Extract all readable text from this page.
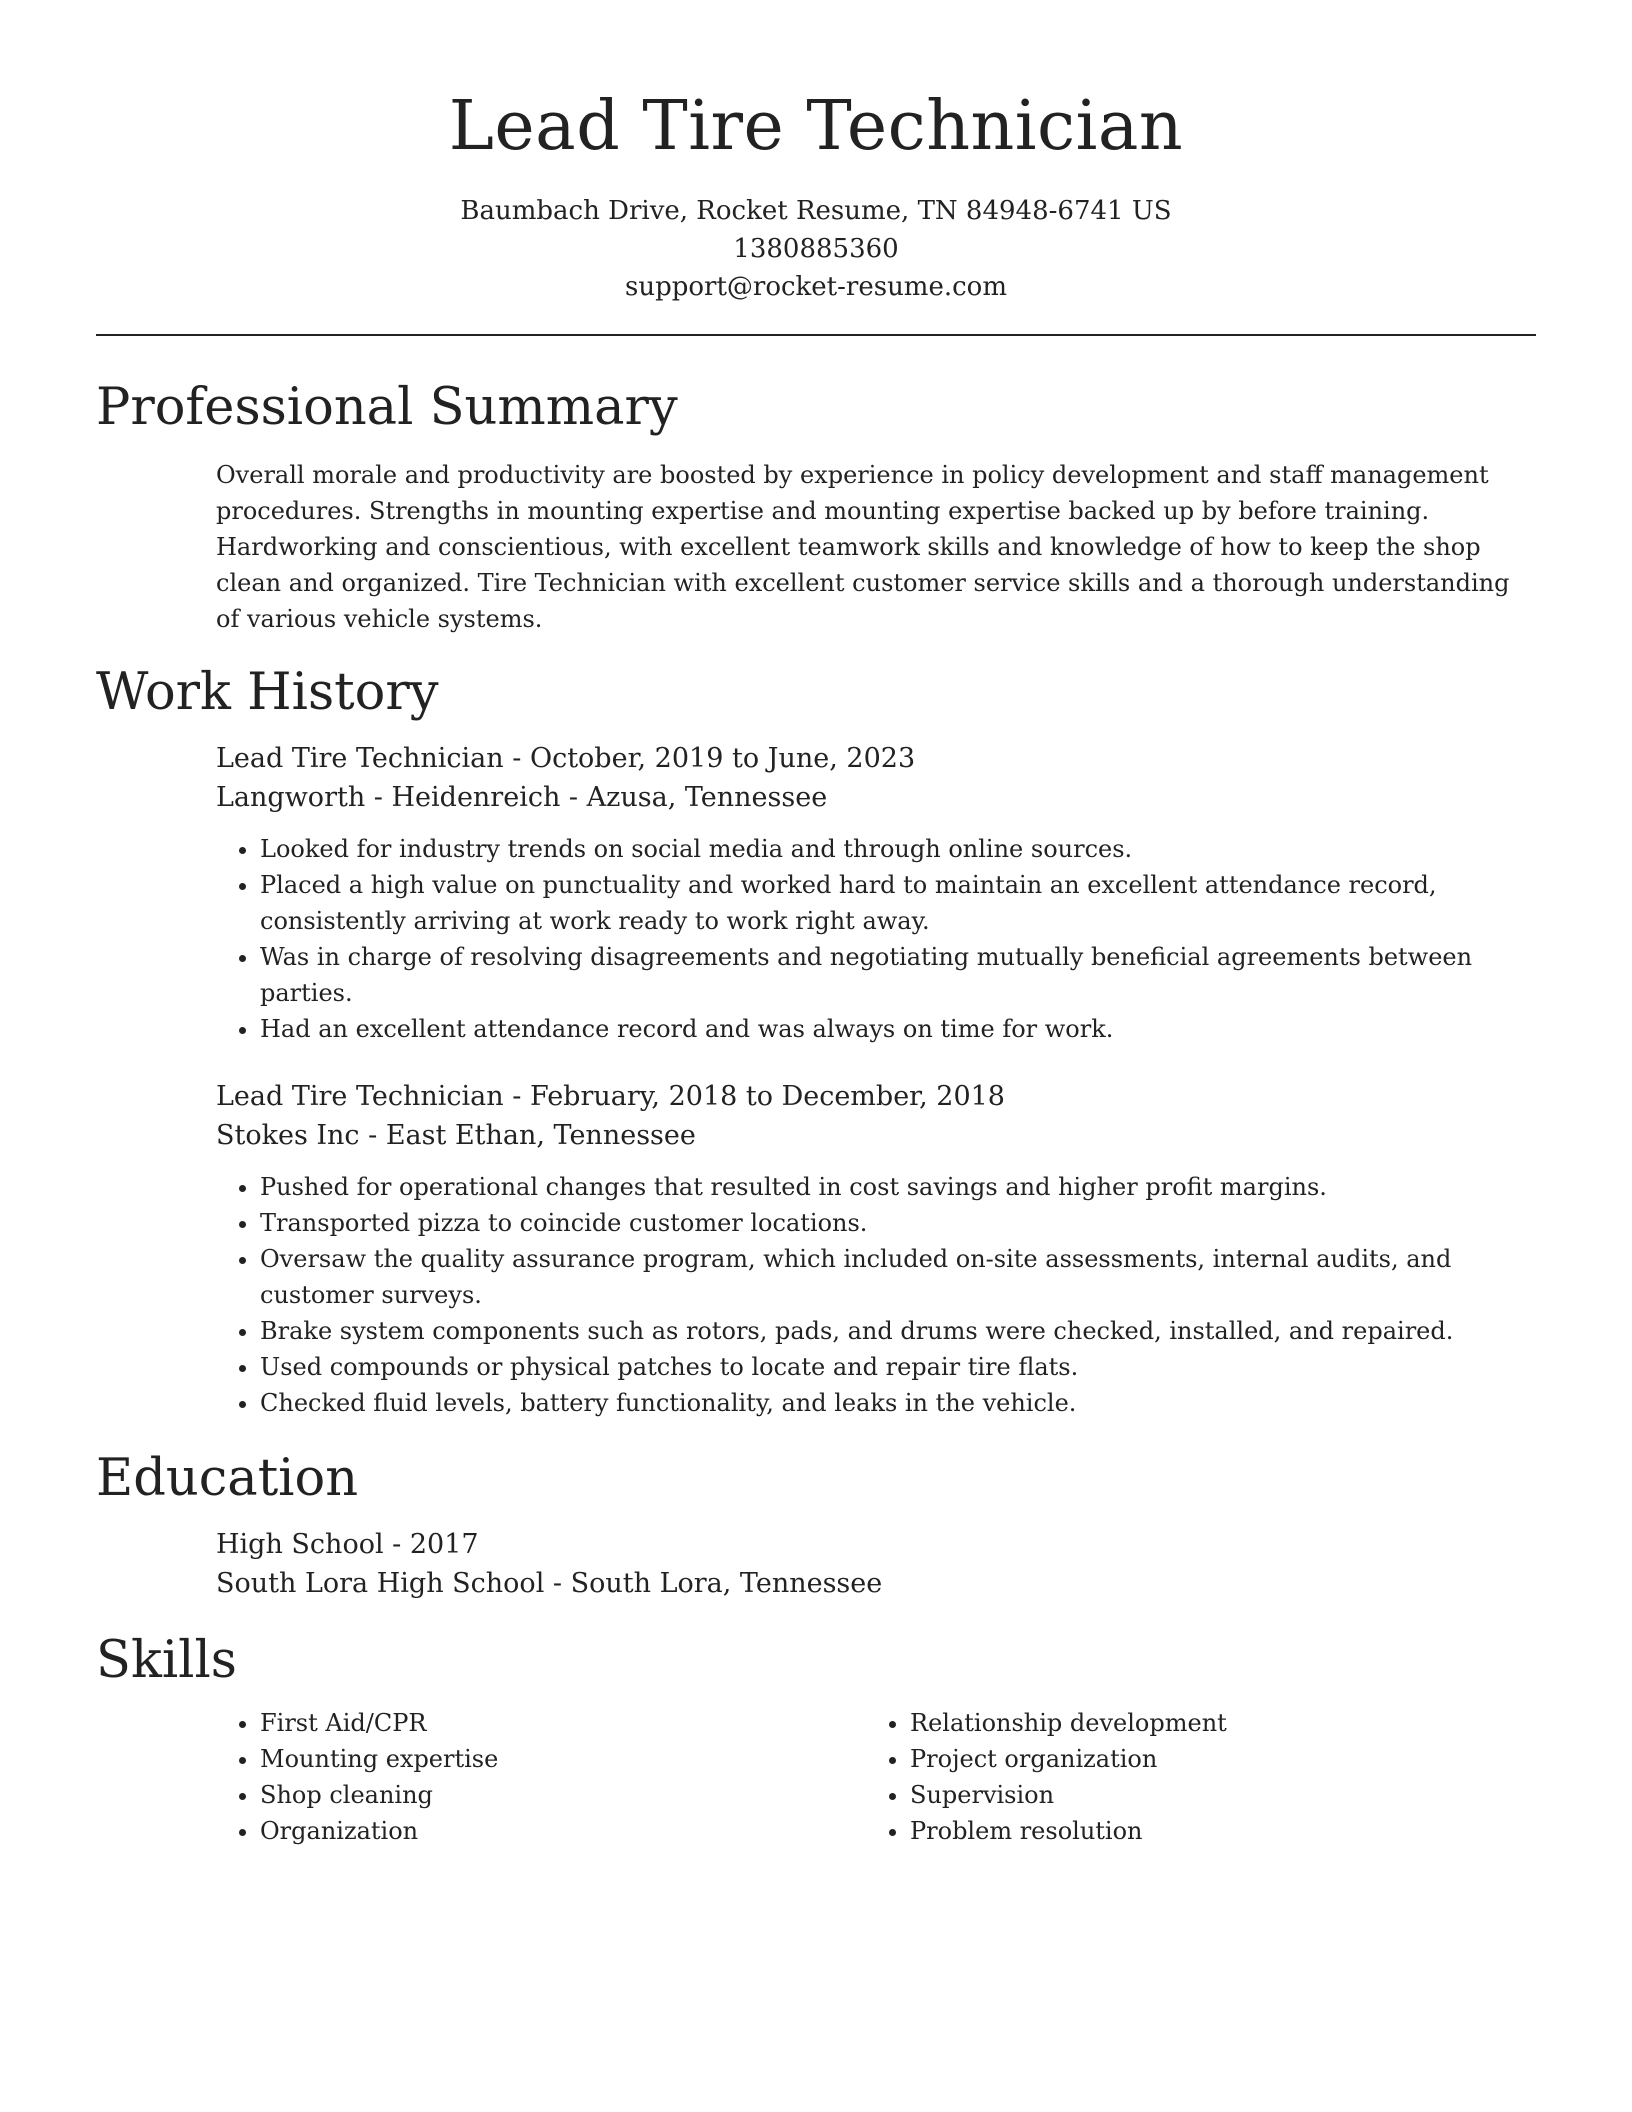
Lead Tire Technician

Baumbach Drive, Rocket Resume, TN 84948-6741 US

1380885360

support@rocket-resume.com

Professional Summary

Overall morale and productivity are boosted by experience in policy development and staff management procedures. Strengths in mounting expertise and mounting expertise backed up by before training. Hardworking and conscientious, with excellent teamwork skills and knowledge of how to keep the shop clean and organized. Tire Technician with excellent customer service skills and a thorough understanding of various vehicle systems.

Work History

Lead Tire Technician - October, 2019 to June, 2023

Langworth - Heidenreich - Azusa, Tennessee

• Looked for industry trends on social media and through online sources.
• Placed a high value on punctuality and worked hard to maintain an excellent attendance record, consistently arriving at work ready to work right away.
• Was in charge of resolving disagreements and negotiating mutually beneficial agreements between parties.
• Had an excellent attendance record and was always on time for work.

Lead Tire Technician - February, 2018 to December, 2018

Stokes Inc - East Ethan, Tennessee

• Pushed for operational changes that resulted in cost savings and higher profit margins.
• Transported pizza to coincide customer locations.
• Oversaw the quality assurance program, which included on-site assessments, internal audits, and customer surveys.
• Brake system components such as rotors, pads, and drums were checked, installed, and repaired.
• Used compounds or physical patches to locate and repair tire flats.
• Checked fluid levels, battery functionality, and leaks in the vehicle.
Education

High School - 2017

South Lora High School - South Lora, Tennessee

Skills
• First Aid/CPR
• Mounting expertise
• Shop cleaning
• Organization
• Relationship development
• Project organization
• Supervision
• Problem resolution
